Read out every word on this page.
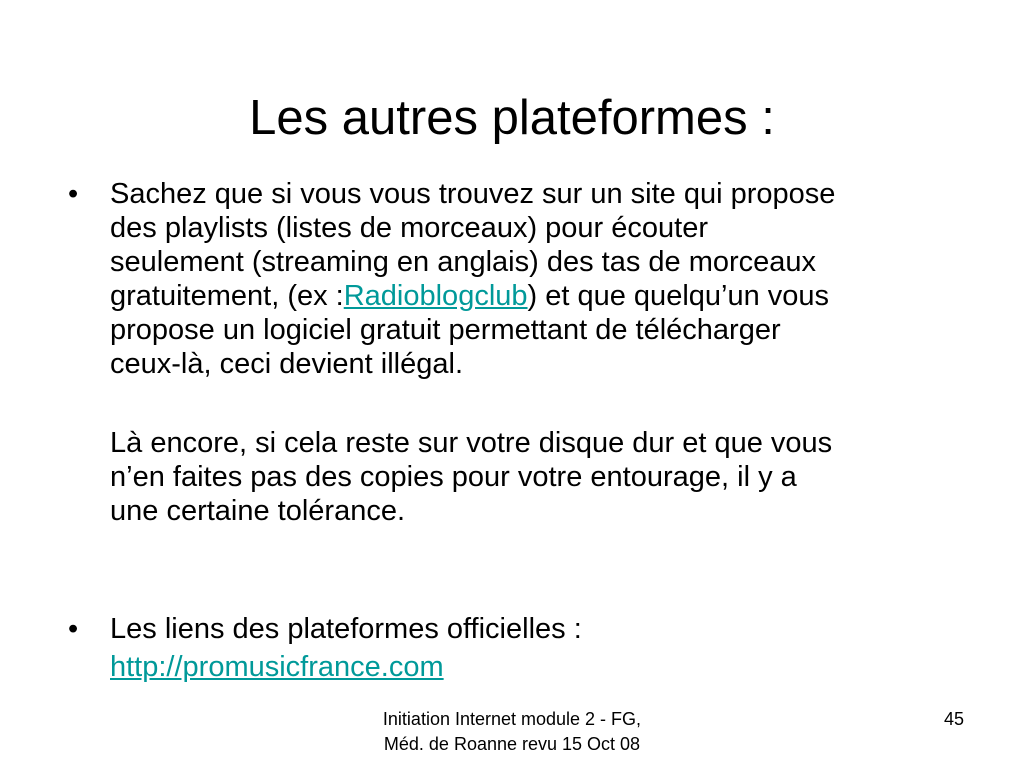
Les autres plateformes :
• Sachez que si vous vous trouvez sur un site qui propose
des playlists (listes de morceaux) pour écouter
seulement (streaming en anglais) des tas de morceaux
gratuitement, (ex :Radioblogclub) et que quelqu’un vous
propose un logiciel gratuit permettant de télécharger
ceux-là, ceci devient illégal.
Là encore, si cela reste sur votre disque dur et que vous
n’en faites pas des copies pour votre entourage, il y a
une certaine tolérance.
• Les liens des plateformes officielles :
http://promusicfrance.com
Initiation Internet module 2 - FG,
Méd. de Roanne revu 15 Oct 08
45
